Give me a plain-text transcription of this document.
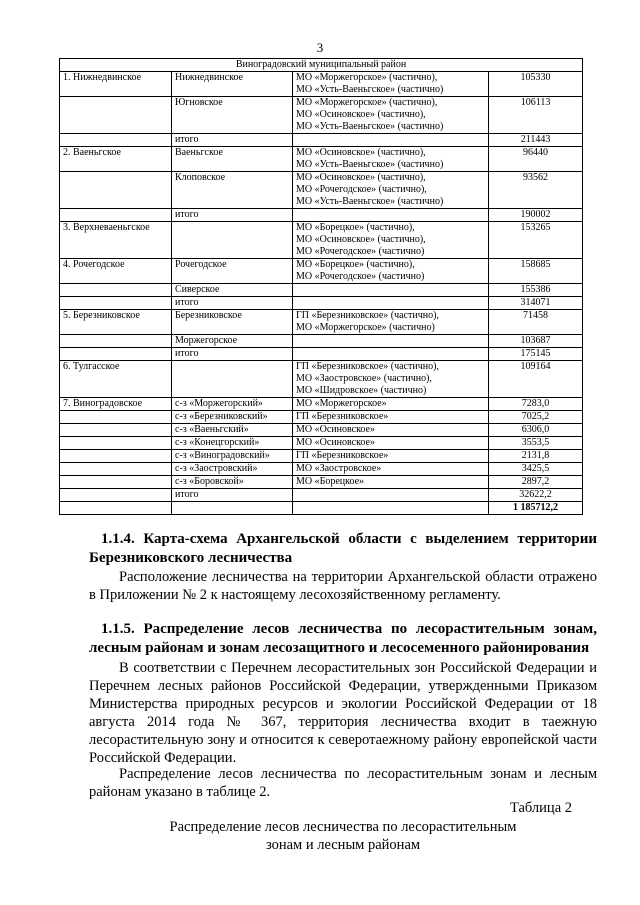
3
Виноградовский муниципальный район			
1. Нижнедвинское	Нижнедвинское	МО «Моржегорское» (частично),
МО «Усть-Ваеньгское» (частично)	105330
	Югновское	МО «Моржегорское» (частично),
МО «Осиновское» (частично),
МО «Усть-Ваеньгское» (частично)	106113
	итого		211443
2. Ваеньгское	Ваеньгское	МО «Осиновское» (частично),
МО «Усть-Ваеньгское» (частично)	96440
	Клоповское	МО «Осиновское» (частично),
МО «Рочегодское» (частично),
МО «Усть-Ваеньгское» (частично)	93562
	итого		190002
3. Верхневаеньгское		МО «Борецкое» (частично),
МО «Осиновское» (частично),
МО «Рочегодское» (частично)	153265
4. Рочегодское	Рочегодское	МО «Борецкое» (частично),
МО «Рочегодское» (частично)	158685
	Сиверское		155386
	итого		314071
5. Березниковское	Березниковское	ГП «Березниковское» (частично),
МО «Моржегорское» (частично)	71458
	Моржегорское		103687
	итого		175145
6. Тулгасское		ГП «Березниковское» (частично),
МО «Заостровское» (частично),
МО «Шидровское» (частично)	109164
7. Виноградовское	с-з «Моржегорский»	МО «Моржегорское»	7283,0
	с-з «Березниковский»	ГП «Березниковское»	7025,2
	с-з «Ваеньгский»	МО «Осиновское»	6306,0
	с-з «Конецгорский»	МО «Осиновское»	3553,5
	с-з «Виноградовский»	ГП «Березниковское»	2131,8
	с-з «Заостровский»	МО «Заостровское»	3425,5
	с-з «Боровской»	МО «Борецкое»	2897,2
	итого		32622,2
			1 185712,2

1.1.4. Карта-схема Архангельской области с выделением территории Березниковского лесничества

Расположение лесничества на территории Архангельской области отражено в Приложении № 2 к настоящему лесохозяйственному регламенту.

1.1.5. Распределение лесов лесничества по лесорастительным зонам, лесным районам и зонам лесозащитного и лесосеменного районирования

В соответствии с Перечнем лесорастительных зон Российской Федерации и Перечнем лесных районов Российской Федерации, утвержденными Приказом Министерства природных ресурсов и экологии Российской Федерации от 18 августа 2014 года № 367, территория лесничества входит в таежную лесорастительную зону и относится к северотаежному району европейской части Российской Федерации.

Распределение лесов лесничества по лесорастительным зонам и лесным районам указано в таблице 2.

Таблица 2
Распределение лесов лесничества по лесорастительным
зонам и лесным районам
